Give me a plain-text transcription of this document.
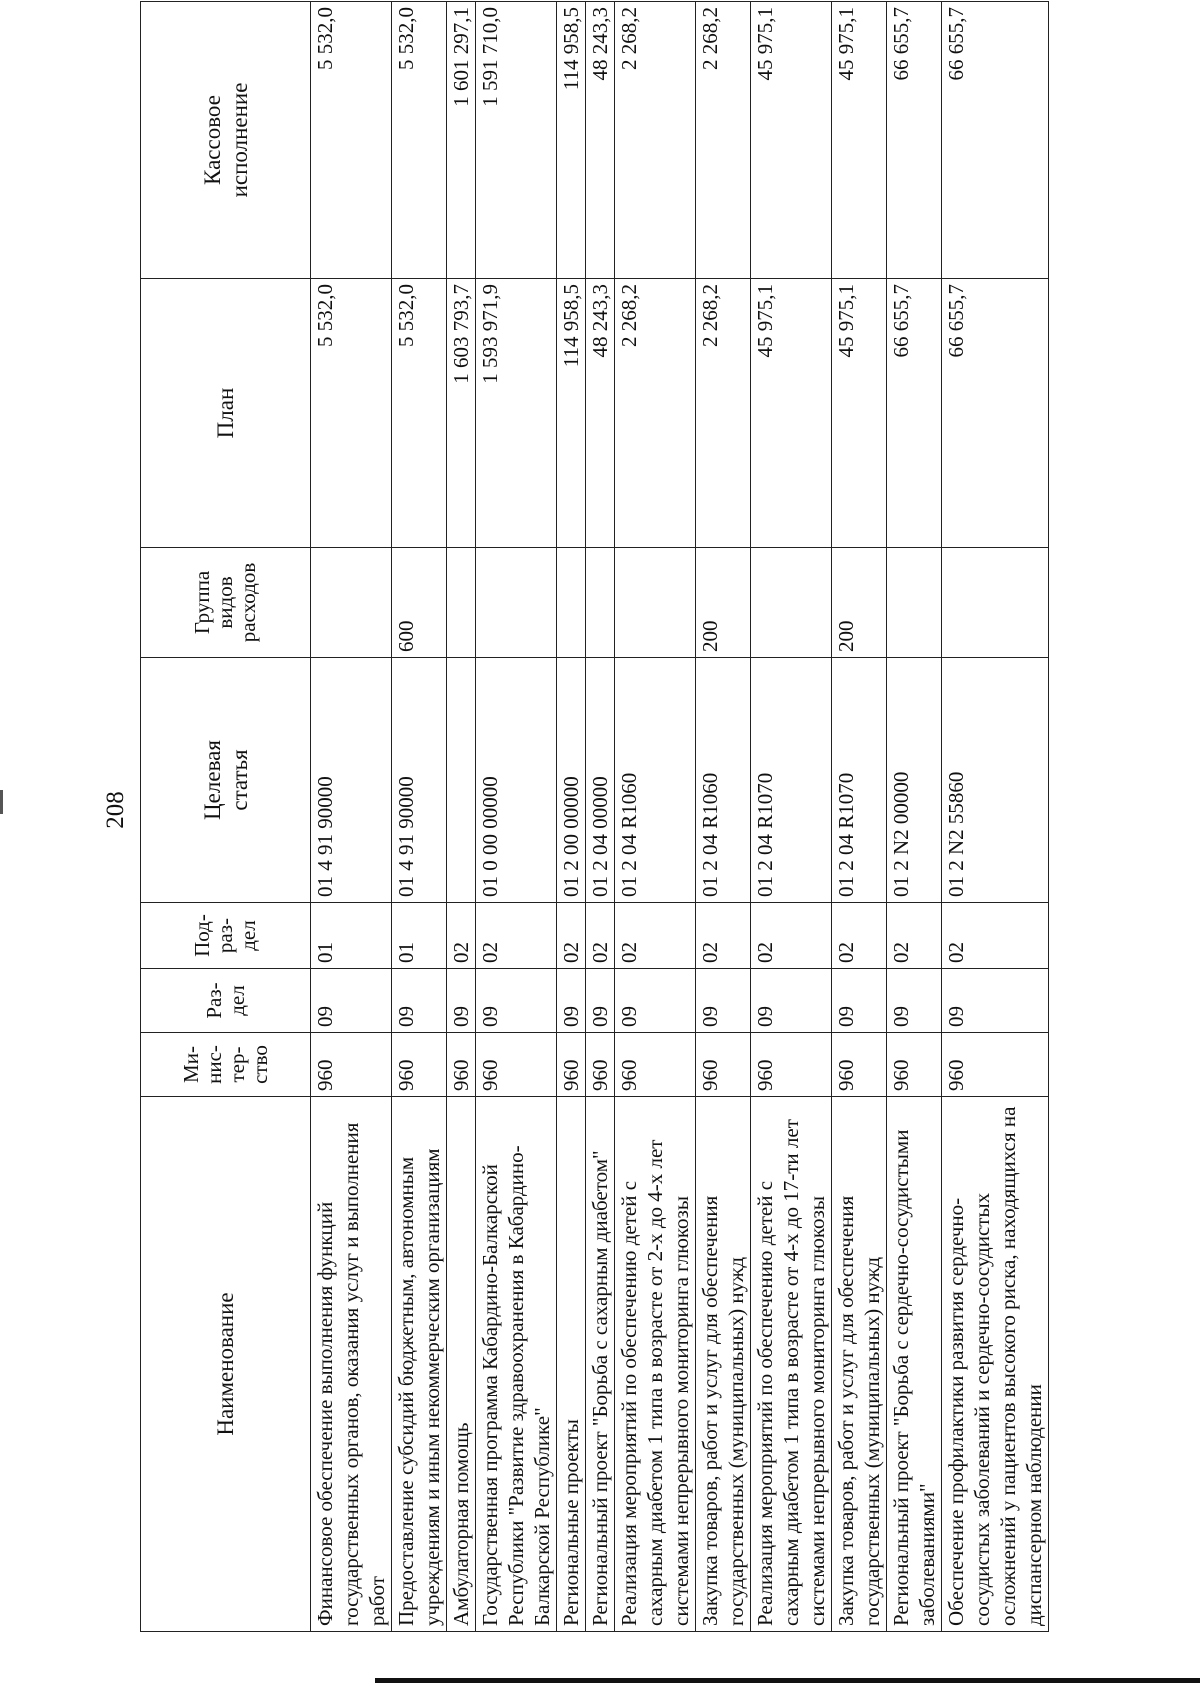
208
Наименование	Ми-
нис-
тер-
ство	Раз-
дел	Под-
раз-
дел	Целевая
статья	Группа
видов
расходов	План	Кассовое
исполнение
Финансовое обеспечение выполнения функций государственных органов, оказания услуг и выполнения работ	960	09	01	01 4 91 90000		5 532,0	5 532,0
Предоставление субсидий бюджетным, автономным учреждениям и иным некоммерческим организациям	960	09	01	01 4 91 90000	600	5 532,0	5 532,0
Амбулаторная помощь	960	09	02			1 603 793,7	1 601 297,1
Государственная программа Кабардино-Балкарской Республики "Развитие здравоохранения в Кабардино-Балкарской Республике"	960	09	02	01 0 00 00000		1 593 971,9	1 591 710,0
Региональные проекты	960	09	02	01 2 00 00000		114 958,5	114 958,5
Региональный проект "Борьба с сахарным диабетом"	960	09	02	01 2 04 00000		48 243,3	48 243,3
Реализация мероприятий по обеспечению детей с сахарным диабетом 1 типа в возрасте от 2-х до 4-х лет системами непрерывного мониторинга глюкозы	960	09	02	01 2 04 R1060		2 268,2	2 268,2
Закупка товаров, работ и услуг для обеспечения государственных (муниципальных) нужд	960	09	02	01 2 04 R1060	200	2 268,2	2 268,2
Реализация мероприятий по обеспечению детей с сахарным диабетом 1 типа в возрасте от 4-х до 17-ти лет системами непрерывного мониторинга глюкозы	960	09	02	01 2 04 R1070		45 975,1	45 975,1
Закупка товаров, работ и услуг для обеспечения государственных (муниципальных) нужд	960	09	02	01 2 04 R1070	200	45 975,1	45 975,1
Региональный проект "Борьба с сердечно-сосудистыми заболеваниями"	960	09	02	01 2 N2 00000		66 655,7	66 655,7
Обеспечение профилактики развития сердечно-сосудистых заболеваний и сердечно-сосудистых осложнений у пациентов высокого риска, находящихся на диспансерном наблюдении	960	09	02	01 2 N2 55860		66 655,7	66 655,7
